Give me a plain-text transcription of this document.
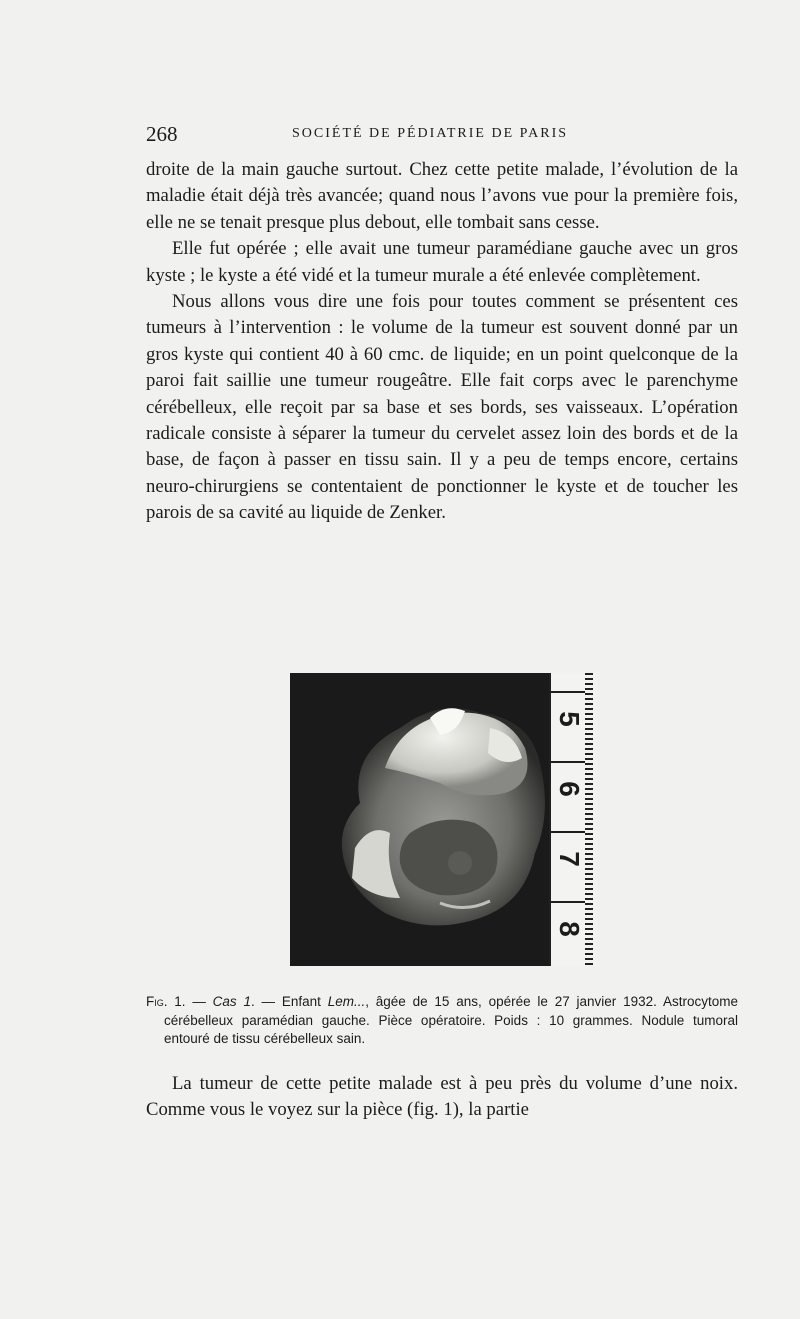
268	SOCIÉTÉ DE PÉDIATRIE DE PARIS

droite de la main gauche surtout. Chez cette petite malade, l’évolution de la maladie était déjà très avancée; quand nous l’avons vue pour la première fois, elle ne se tenait presque plus debout, elle tombait sans cesse.

Elle fut opérée ; elle avait une tumeur paramédiane gauche avec un gros kyste ; le kyste a été vidé et la tumeur murale a été enlevée complètement.

Nous allons vous dire une fois pour toutes comment se présentent ces tumeurs à l’intervention : le volume de la tumeur est souvent donné par un gros kyste qui contient 40 à 60 cmc. de liquide; en un point quelconque de la paroi fait saillie une tumeur rougeâtre. Elle fait corps avec le parenchyme cérébelleux, elle reçoit par sa base et ses bords, ses vaisseaux. L’opération radicale consiste à séparer la tumeur du cervelet assez loin des bords et de la base, de façon à passer en tissu sain. Il y a peu de temps encore, certains neuro-chirurgiens se contentaient de ponctionner le kyste et de toucher les parois de sa cavité au liquide de Zenker.

5
6
7
8
Fig. 1. — Cas 1. — Enfant Lem..., âgée de 15 ans, opérée le 27 janvier 1932. Astrocytome cérébelleux paramédian gauche. Pièce opératoire. Poids : 10 grammes. Nodule tumoral entouré de tissu cérébelleux sain.

La tumeur de cette petite malade est à peu près du volume d’une noix. Comme vous le voyez sur la pièce (fig. 1), la partie
